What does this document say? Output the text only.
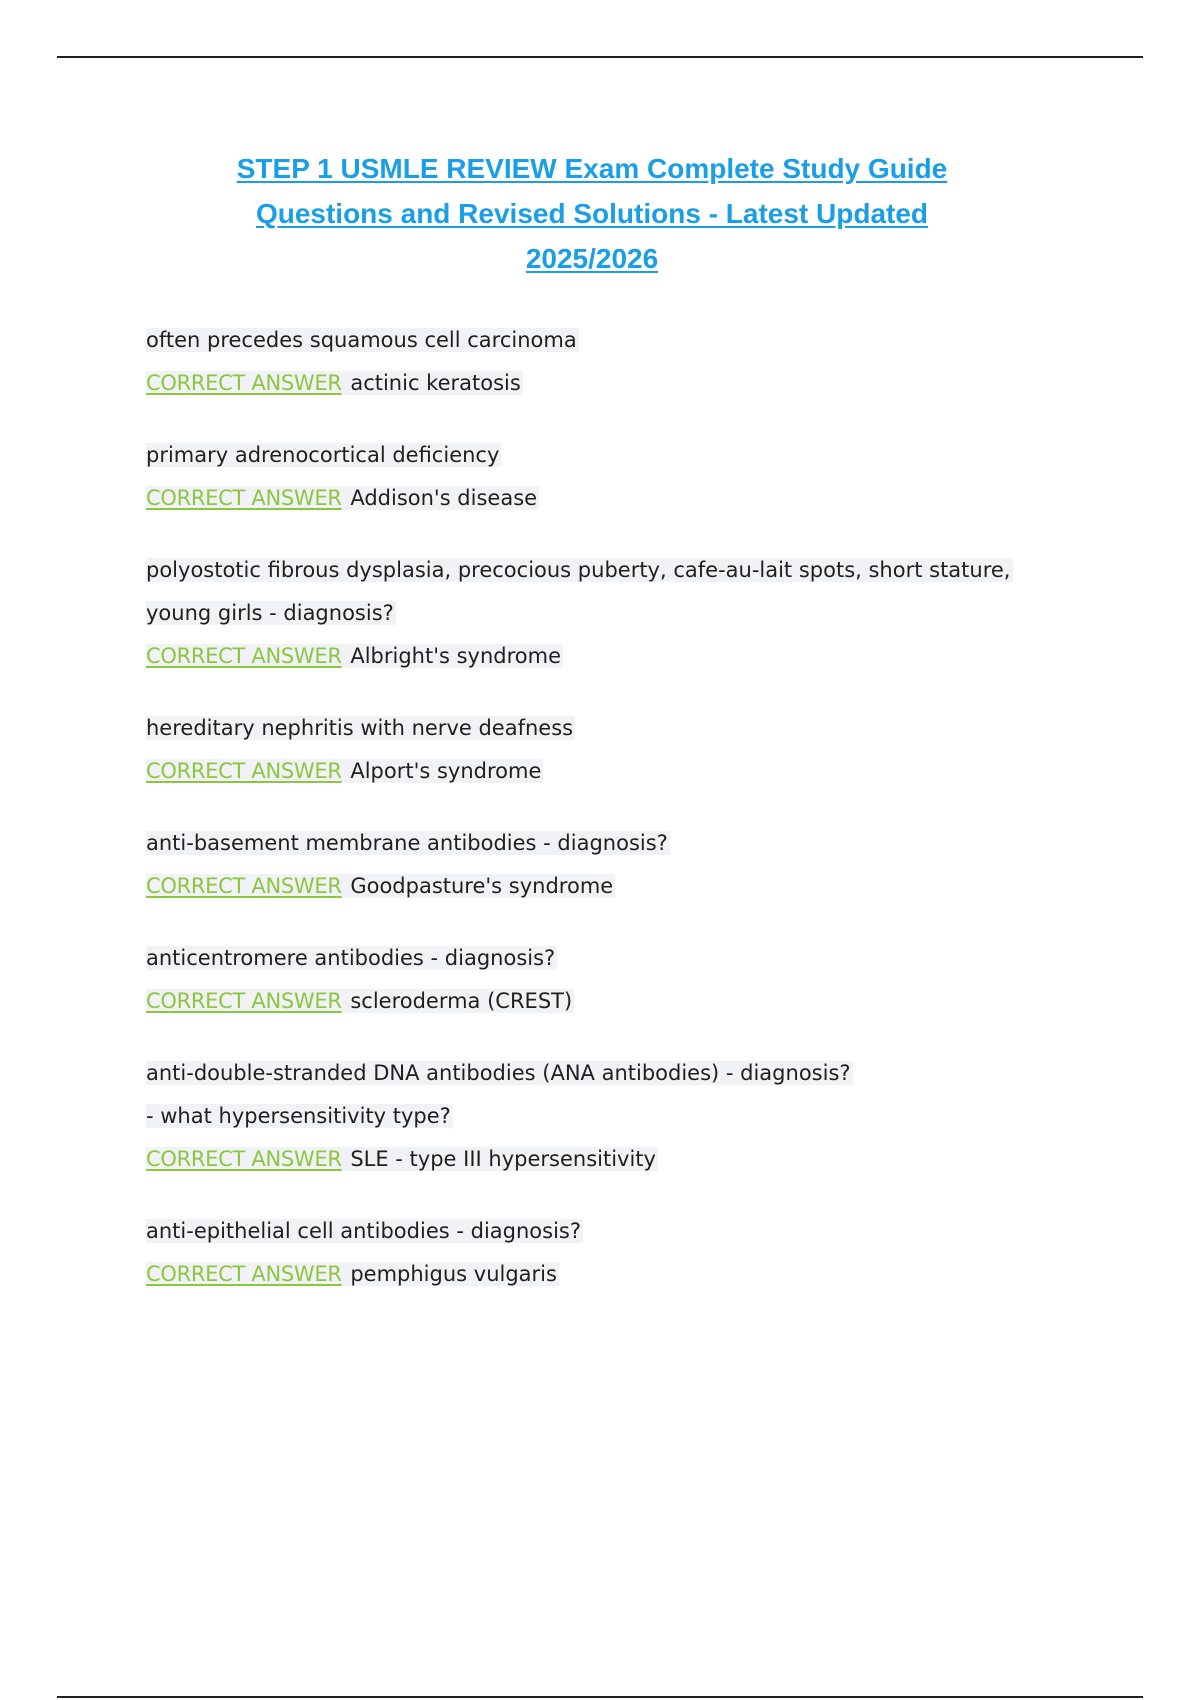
STEP 1 USMLE REVIEW Exam Complete Study Guide
Questions and Revised Solutions - Latest Updated
2025/2026
often precedes squamous cell carcinoma
CORRECT ANSWER actinic keratosis
primary adrenocortical deficiency
CORRECT ANSWER Addison's disease
polyostotic fibrous dysplasia, precocious puberty, cafe-au-lait spots, short stature,
young girls - diagnosis?
CORRECT ANSWER Albright's syndrome
hereditary nephritis with nerve deafness
CORRECT ANSWER Alport's syndrome
anti-basement membrane antibodies - diagnosis?
CORRECT ANSWER Goodpasture's syndrome
anticentromere antibodies - diagnosis?
CORRECT ANSWER scleroderma (CREST)
anti-double-stranded DNA antibodies (ANA antibodies) - diagnosis?
- what hypersensitivity type?
CORRECT ANSWER SLE - type III hypersensitivity
anti-epithelial cell antibodies - diagnosis?
CORRECT ANSWER pemphigus vulgaris
